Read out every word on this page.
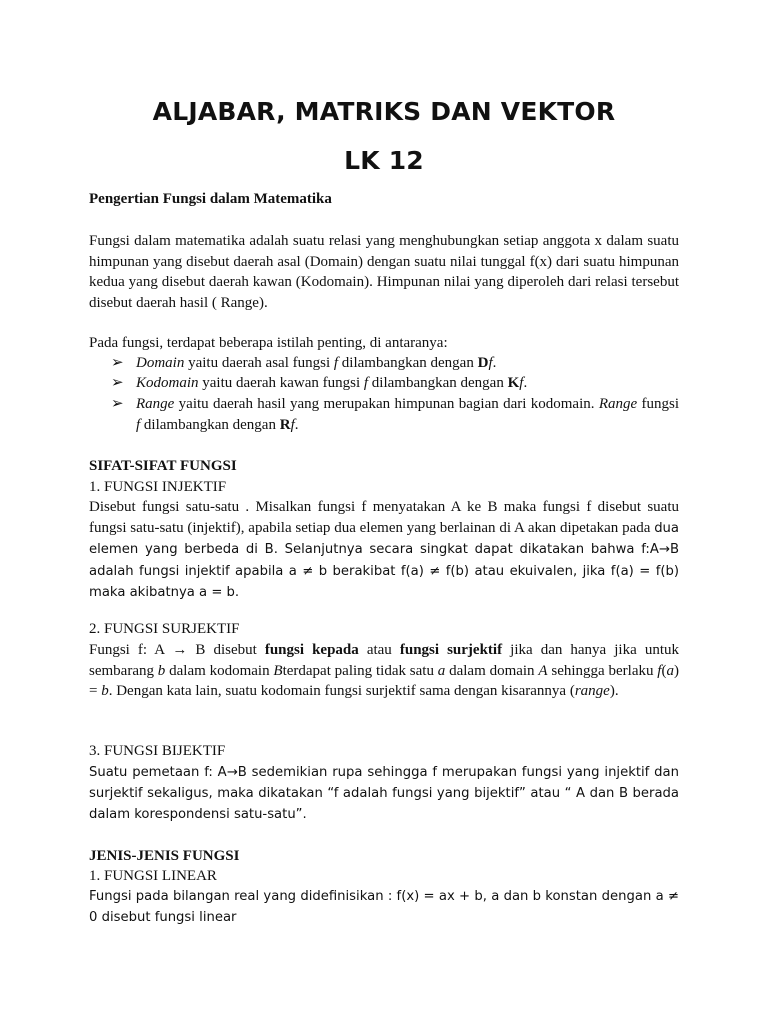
ALJABAR, MATRIKS DAN VEKTOR
LK 12
Pengertian Fungsi dalam Matematika
Fungsi dalam matematika adalah suatu relasi yang menghubungkan setiap anggota x dalam suatu himpunan yang disebut daerah asal (Domain) dengan suatu nilai tunggal f(x) dari suatu himpunan kedua yang disebut daerah kawan (Kodomain). Himpunan nilai yang diperoleh dari relasi tersebut disebut daerah hasil ( Range).
Pada fungsi, terdapat beberapa istilah penting, di antaranya:
➢ Domain yaitu daerah asal fungsi f dilambangkan dengan Df.
➢ Kodomain yaitu daerah kawan fungsi f dilambangkan dengan Kf.
➢ Range yaitu daerah hasil yang merupakan himpunan bagian dari kodomain. Range fungsi f dilambangkan dengan Rf.
SIFAT-SIFAT FUNGSI
1. FUNGSI INJEKTIF
Disebut fungsi satu-satu . Misalkan fungsi f menyatakan A ke B maka fungsi f disebut suatu fungsi satu-satu (injektif), apabila setiap dua elemen yang berlainan di A akan dipetakan pada dua elemen yang berbeda di B. Selanjutnya secara singkat dapat dikatakan bahwa f:A→B adalah fungsi injektif apabila a ≠ b berakibat f(a) ≠ f(b) atau ekuivalen, jika f(a) = f(b) maka akibatnya a = b.
2. FUNGSI SURJEKTIF
Fungsi f: A → B disebut fungsi kepada atau fungsi surjektif jika dan hanya jika untuk sembarang b dalam kodomain Bterdapat paling tidak satu a dalam domain A sehingga berlaku f(a) = b. Dengan kata lain, suatu kodomain fungsi surjektif sama dengan kisarannya (range).
3. FUNGSI BIJEKTIF
Suatu pemetaan f: A→B sedemikian rupa sehingga f merupakan fungsi yang injektif dan surjektif sekaligus, maka dikatakan “f adalah fungsi yang bijektif” atau “ A dan B berada dalam korespondensi satu-satu”.
JENIS-JENIS FUNGSI
1. FUNGSI LINEAR
Fungsi pada bilangan real yang didefinisikan : f(x) = ax + b, a dan b konstan dengan a ≠ 0 disebut fungsi linear
